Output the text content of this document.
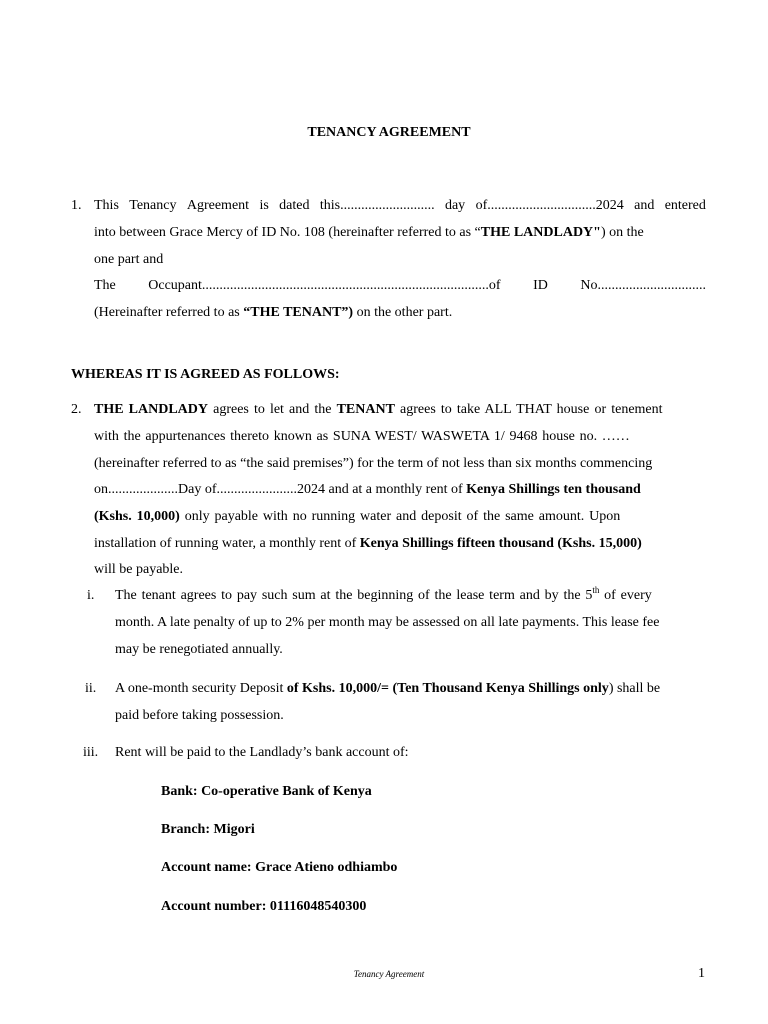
TENANCY AGREEMENT
1. This Tenancy Agreement is dated this........................... day of...............................2024 and entered
into between Grace Mercy of ID No. 108 (hereinafter referred to as “THE LANDLADY") on the
one part and
The Occupant..................................................................................of ID No...............................
(Hereinafter referred to as “THE TENANT”) on the other part.
WHEREAS IT IS AGREED AS FOLLOWS:
2. THE LANDLADY agrees to let and the TENANT agrees to take ALL THAT house or tenement
with the appurtenances thereto known as SUNA WEST/ WASWETA 1/ 9468 house no. ……
(hereinafter referred to as “the said premises”) for the term of not less than six months commencing
on....................Day of.......................2024 and at a monthly rent of Kenya Shillings ten thousand
(Kshs. 10,000) only payable with no running water and deposit of the same amount. Upon
installation of running water, a monthly rent of Kenya Shillings fifteen thousand (Kshs. 15,000)
will be payable.
i. The tenant agrees to pay such sum at the beginning of the lease term and by the 5th of every
month. A late penalty of up to 2% per month may be assessed on all late payments. This lease fee
may be renegotiated annually.
ii. A one-month security Deposit of Kshs. 10,000/= (Ten Thousand Kenya Shillings only) shall be
paid before taking possession.
iii. Rent will be paid to the Landlady’s bank account of:
Bank: Co-operative Bank of Kenya
Branch: Migori
Account name: Grace Atieno odhiambo
Account number: 01116048540300
Tenancy Agreement	1
